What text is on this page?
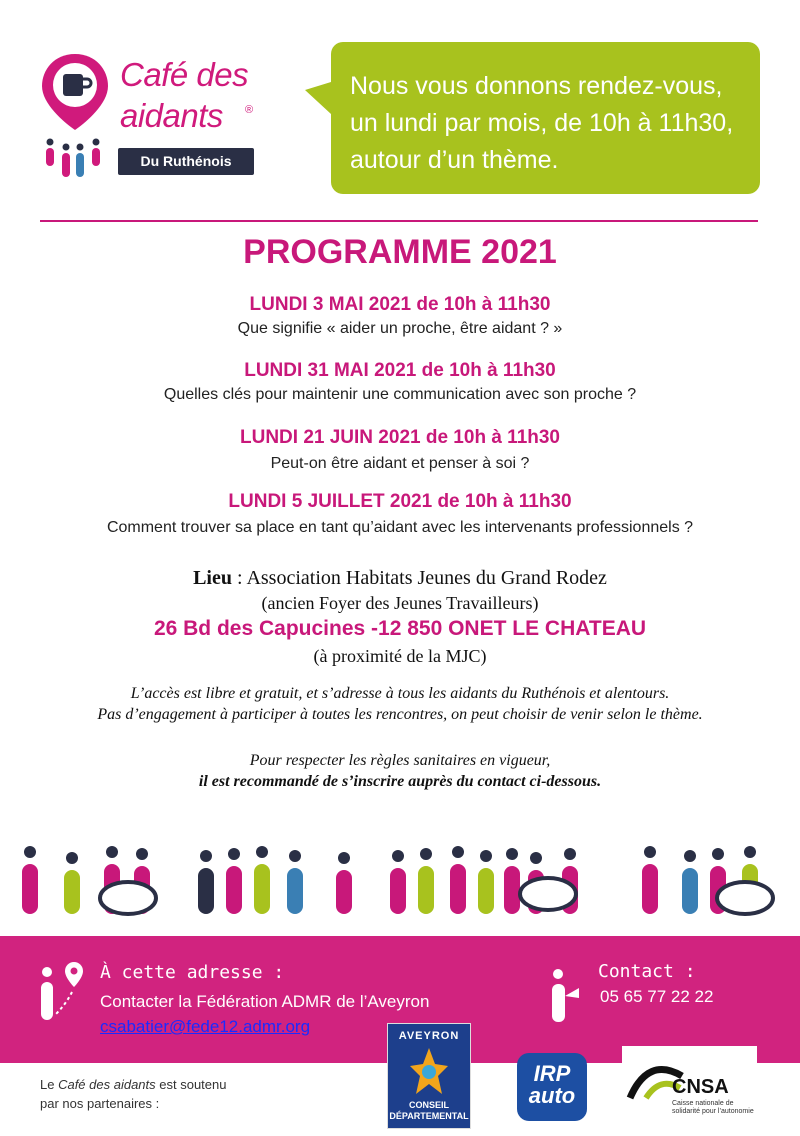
Café des
aidants ®
Du Ruthénois
Nous vous donnons rendez-vous, un lundi par mois, de 10h à 11h30, autour d’un thème.
PROGRAMME 2021
LUNDI 3 MAI 2021 de 10h à 11h30
Que signifie « aider un proche, être aidant ? »
LUNDI 31 MAI 2021 de 10h à 11h30
Quelles clés pour maintenir une communication avec son proche ?
LUNDI 21 JUIN 2021 de 10h à 11h30
Peut-on être aidant et penser à soi ?
LUNDI 5 JUILLET 2021 de 10h à 11h30
Comment trouver sa place en tant qu’aidant avec les intervenants professionnels ?
Lieu : Association Habitats Jeunes du Grand Rodez
(ancien Foyer des Jeunes Travailleurs)
26 Bd des Capucines -12 850 ONET LE CHATEAU
(à proximité de la MJC)
L’accès est libre et gratuit, et s’adresse à tous les aidants du Ruthénois et alentours.
Pas d’engagement à participer à toutes les rencontres, on peut choisir de venir selon le thème.
Pour respecter les règles sanitaires en vigueur,
il est recommandé de s’inscrire auprès du contact ci-dessous.
À cette adresse :
Contacter la Fédération ADMR de l’Aveyron
csabatier@fede12.admr.org
Contact :
05 65 77 22 22
Le Café des aidants est soutenu
par nos partenaires :
AVEYRON
CONSEIL
DÉPARTEMENTAL
IRP
auto	CNSA
Caisse nationale de
solidarité pour l’autonomie
